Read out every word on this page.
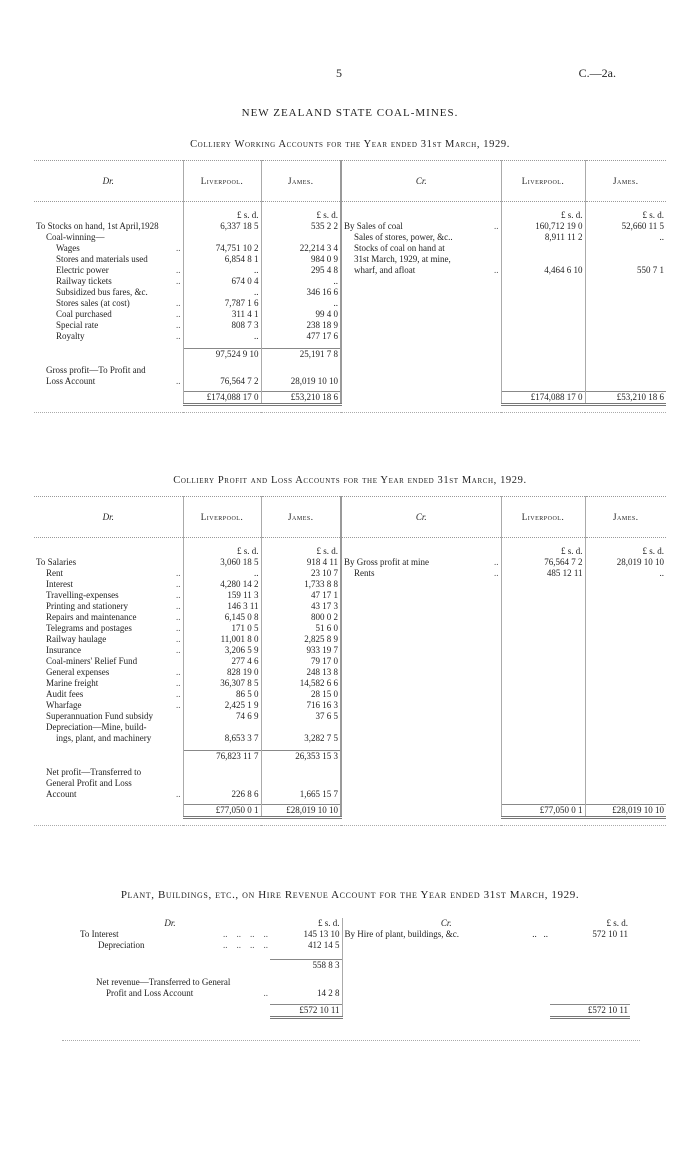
5	C.—2a.
NEW ZEALAND STATE COAL-MINES.
Colliery Working Accounts for the Year ended 31st March, 1929.
Dr.	Liverpool.	James.	Cr.	Liverpool.	James.

	£ s. d.	£ s. d.		£ s. d.	£ s. d.
To Stocks on hand, 1st April,1928	6,337 18 5	535 2 2	By Sales of coal ..	160,712 19 0	52,660 11 5
Coal-winning—			Sales of stores, power, &c..	8,911 11 2	..
Wages ..	74,751 10 2	22,214 3 4	Stocks of coal on hand at		
Stores and materials used	6,854 8 1	984 0 9	31st March, 1929, at mine,		
Electric power ..	..	295 4 8	wharf, and afloat ..	4,464 6 10	550 7 1
Railway tickets ..	674 0 4	..			
Subsidized bus fares, &c.	..	346 16 6			
Stores sales (at cost) ..	7,787 1 6	..			
Coal purchased ..	311 4 1	99 4 0			
Special rate ..	808 7 3	238 18 9			
Royalty ..	..	477 17 6			

	97,524 9 10	25,191 7 8			

Gross profit—To Profit and					
Loss Account ..	76,564 7 2	28,019 10 10			

	£174,088 17 0	£53,210 18 6		£174,088 17 0	£53,210 18 6

Colliery Profit and Loss Accounts for the Year ended 31st March, 1929.
Dr.	Liverpool.	James.	Cr.	Liverpool.	James.

	£ s. d.	£ s. d.		£ s. d.	£ s. d.
To Salaries	3,060 18 5	918 4 11	By Gross profit at mine ..	76,564 7 2	28,019 10 10
Rent ..	..	23 10 7	Rents ..	485 12 11	..
Interest ..	4,280 14 2	1,733 8 8			
Travelling-expenses ..	159 11 3	47 17 1			
Printing and stationery ..	146 3 11	43 17 3			
Repairs and maintenance ..	6,145 0 8	800 0 2			
Telegrams and postages ..	171 0 5	51 6 0			
Railway haulage ..	11,001 8 0	2,825 8 9			
Insurance ..	3,206 5 9	933 19 7			
Coal-miners' Relief Fund	277 4 6	79 17 0			
General expenses ..	828 19 0	248 13 8			
Marine freight ..	36,307 8 5	14,582 6 6			
Audit fees ..	86 5 0	28 15 0			
Wharfage ..	2,425 1 9	716 16 3			
Superannuation Fund subsidy	74 6 9	37 6 5			
Depreciation—Mine, build-					
ings, plant, and machinery	8,653 3 7	3,282 7 5			

	76,823 11 7	26,353 15 3			

Net profit—Transferred to					
General Profit and Loss					
Account ..	226 8 6	1,665 15 7			

	£77,050 0 1	£28,019 10 10		£77,050 0 1	£28,019 10 10

Plant, Buildings, etc., on Hire Revenue Account for the Year ended 31st March, 1929.
Dr.	£ s. d.	Cr.	£ s. d.
To Interest ..    ..    ..    ..	145 13 10	By Hire of plant, buildings, &c. ..   ..	572 10 11
Depreciation ..    ..    ..    ..	412 14 5		

	558 8 3		

Net revenue—Transferred to General			
Profit and Loss Account ..	14 2 8		

	£572 10 11		£572 10 11
